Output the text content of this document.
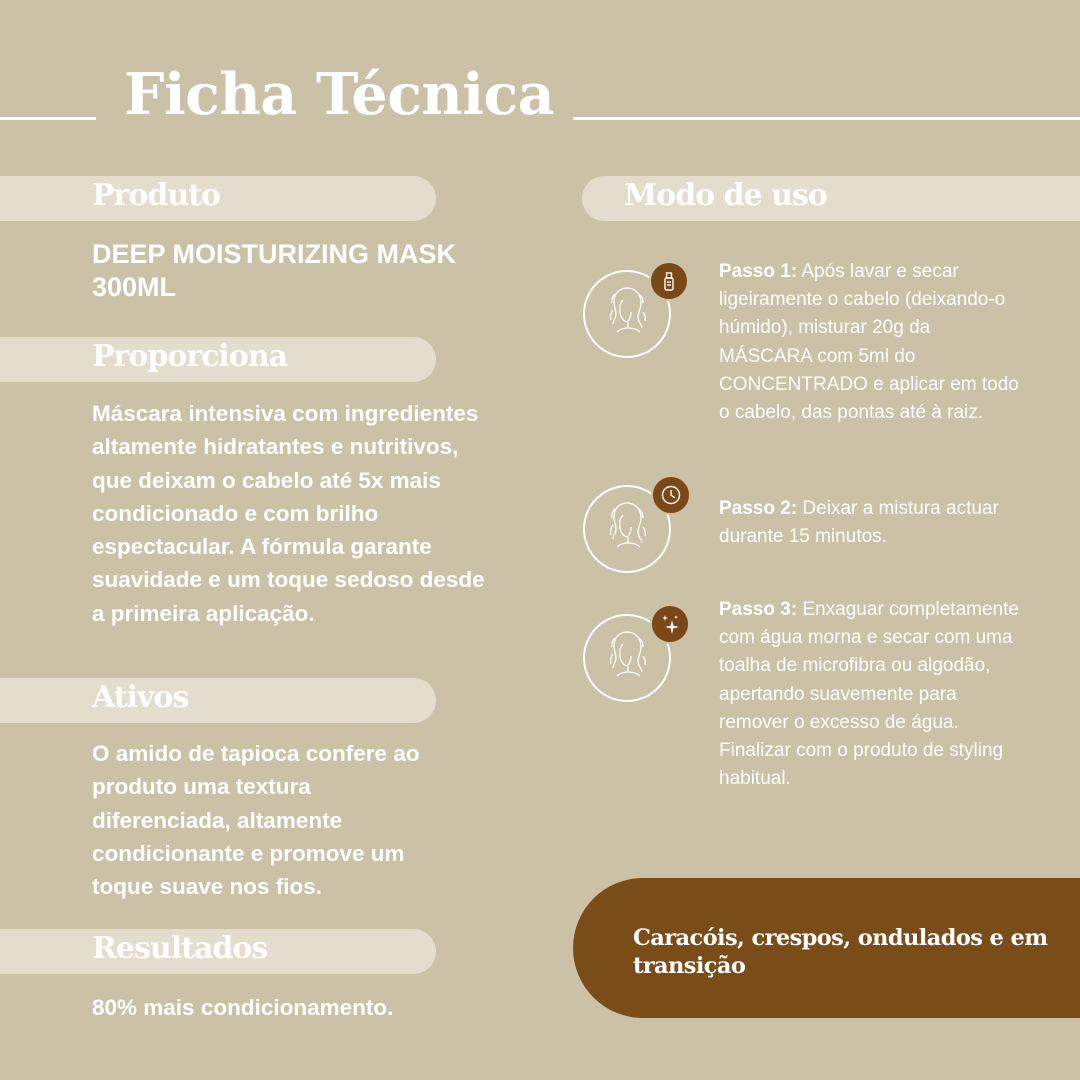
Ficha Técnica
Produto
DEEP MOISTURIZING MASK 300ML
Proporciona
Máscara intensiva com ingredientes altamente hidratantes e nutritivos, que deixam o cabelo até 5x mais condicionado e com brilho espectacular. A fórmula garante suavidade e um toque sedoso desde a primeira aplicação.
Ativos
O amido de tapioca confere ao produto uma textura diferenciada, altamente condicionante e promove um toque suave nos fios.
Resultados
80% mais condicionamento.
Modo de uso
Passo 1: Após lavar e secar ligeiramente o cabelo (deixando-o húmido), misturar 20g da MÁSCARA com 5ml do CONCENTRADO e aplicar em todo o cabelo, das pontas até à raiz.
Passo 2: Deixar a mistura actuar durante 15 minutos.
Passo 3: Enxaguar completamente com água morna e secar com uma toalha de microfibra ou algodão, apertando suavemente para remover o excesso de água. Finalizar com o produto de styling habitual.
Caracóis, crespos, ondulados e em transição
